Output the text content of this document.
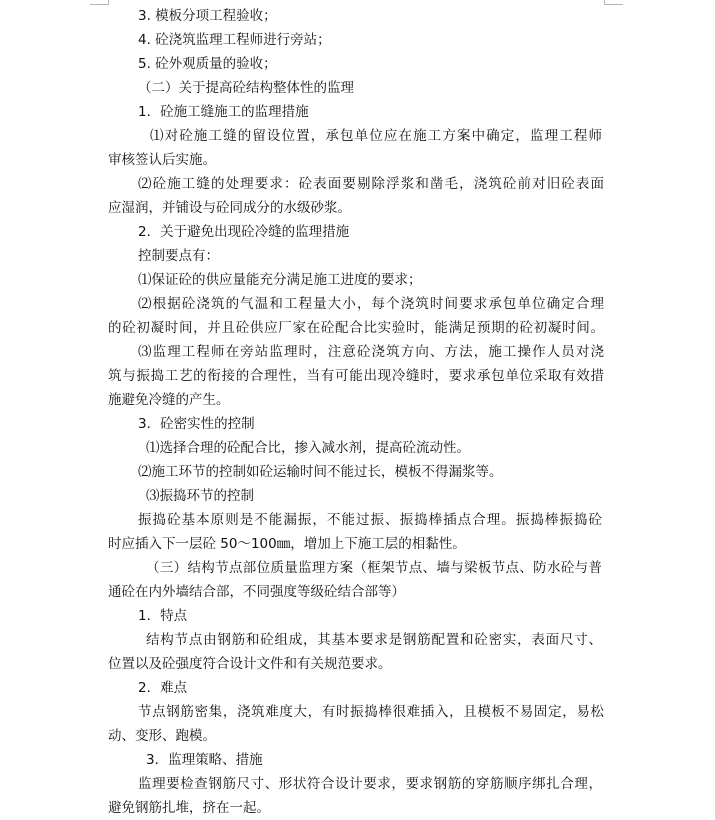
3. 模板分项工程验收；
4. 砼浇筑监理工程师进行旁站；
5. 砼外观质量的验收；
（二）关于提高砼结构整体性的监理
1．砼施工缝施工的监理措施
⑴对砼施工缝的留设位置，承包单位应在施工方案中确定，监理工程师
审核签认后实施。
⑵砼施工缝的处理要求：砼表面要剔除浮浆和凿毛，浇筑砼前对旧砼表面
应湿润，并铺设与砼同成分的水级砂浆。
2．关于避免出现砼冷缝的监理措施
控制要点有：
⑴保证砼的供应量能充分满足施工进度的要求；
⑵根据砼浇筑的气温和工程量大小，每个浇筑时间要求承包单位确定合理
的砼初凝时间，并且砼供应厂家在砼配合比实验时，能满足预期的砼初凝时间。
⑶监理工程师在旁站监理时，注意砼浇筑方向、方法，施工操作人员对浇
筑与振捣工艺的衔接的合理性，当有可能出现冷缝时，要求承包单位采取有效措
施避免冷缝的产生。
3．砼密实性的控制
⑴选择合理的砼配合比，掺入减水剂，提高砼流动性。
⑵施工环节的控制如砼运输时间不能过长，模板不得漏浆等。
⑶振捣环节的控制
振捣砼基本原则是不能漏振，不能过振、振捣棒插点合理。振捣棒振捣砼
时应插入下一层砼 50～100㎜，增加上下施工层的相黏性。
（三）结构节点部位质量监理方案（框架节点、墙与梁板节点、防水砼与普
通砼在内外墙结合部，不同强度等级砼结合部等）
1．特点
结构节点由钢筋和砼组成，其基本要求是钢筋配置和砼密实，表面尺寸、
位置以及砼强度符合设计文件和有关规范要求。
2．难点
节点钢筋密集，浇筑难度大，有时振捣棒很难插入，且模板不易固定，易松
动、变形、跑模。
3．监理策略、措施
监理要检查钢筋尺寸、形状符合设计要求，要求钢筋的穿筋顺序绑扎合理，
避免钢筋扎堆，挤在一起。
